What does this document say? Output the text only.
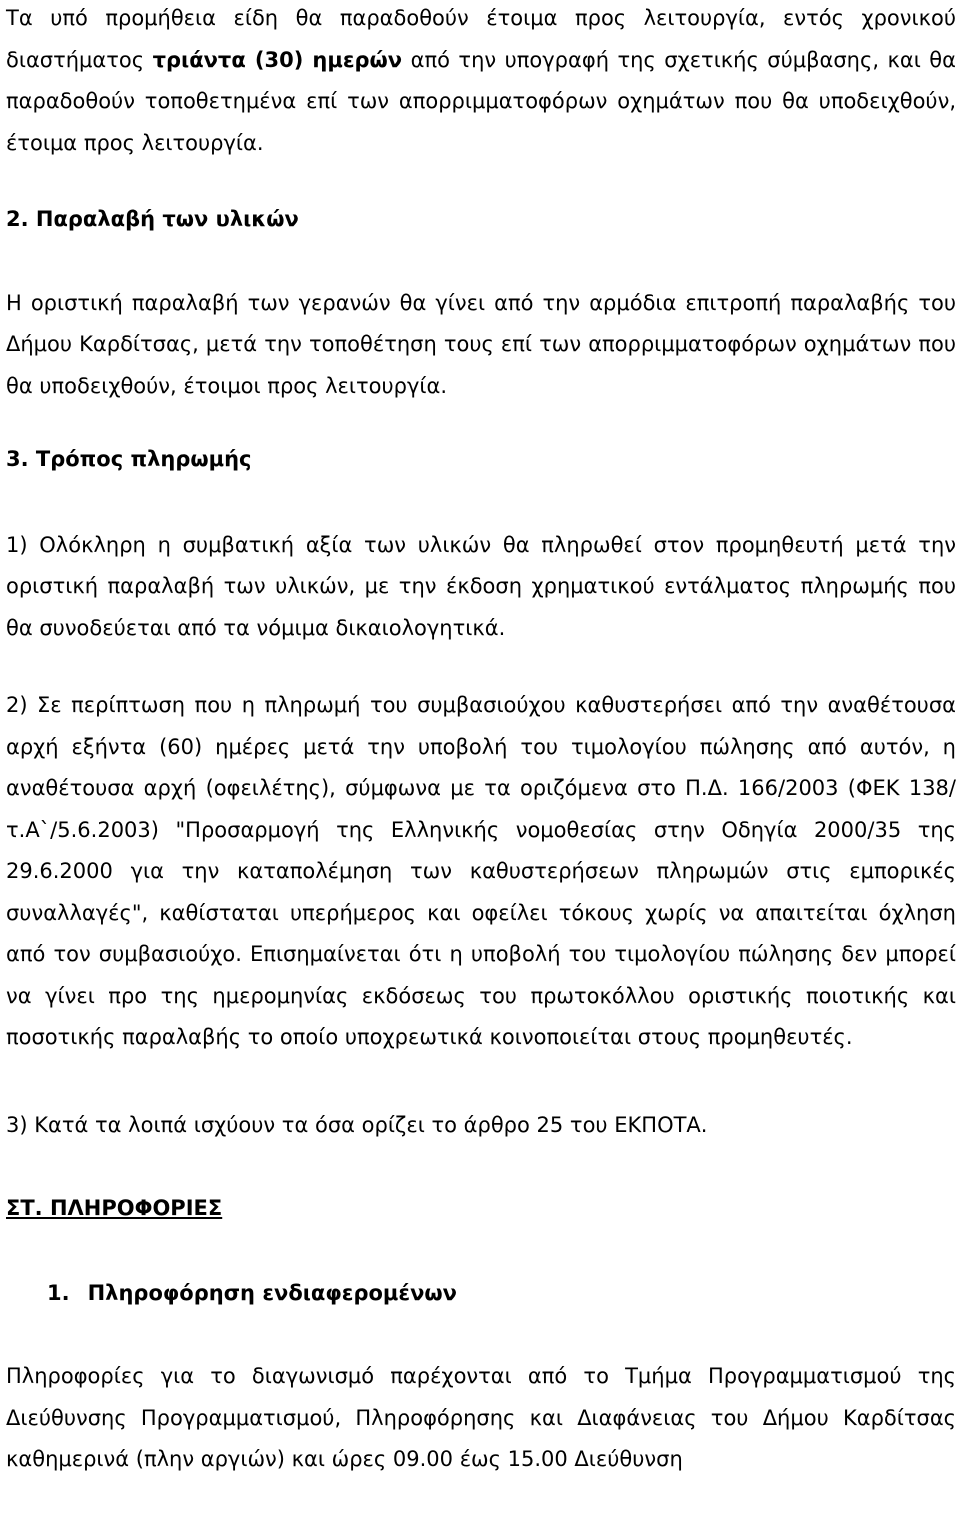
Τα υπό προμήθεια είδη θα παραδοθούν έτοιμα προς λειτουργία, εντός χρονικού διαστήματος τριάντα (30) ημερών από την υπογραφή της σχετικής σύμβασης, και θα παραδοθούν τοποθετημένα επί των απορριμματοφόρων οχημάτων που θα υποδειχθούν, έτοιμα προς λειτουργία.

2. Παραλαβή των υλικών

Η οριστική παραλαβή των γερανών θα γίνει από την αρμόδια επιτροπή παραλαβής του Δήμου Καρδίτσας, μετά την τοποθέτηση τους επί των απορριμματοφόρων οχημάτων που θα υποδειχθούν, έτοιμοι προς λειτουργία.

3. Τρόπος πληρωμής

1) Ολόκληρη η συμβατική αξία των υλικών θα πληρωθεί στον προμηθευτή μετά την οριστική παραλαβή των υλικών, με την έκδοση χρηματικού εντάλματος πληρωμής που θα συνοδεύεται από τα νόμιμα δικαιολογητικά.

2) Σε περίπτωση που η πληρωμή του συμβασιούχου καθυστερήσει από την αναθέτουσα αρχή εξήντα (60) ημέρες μετά την υποβολή του τιμολογίου πώλησης από αυτόν, η αναθέτουσα αρχή (οφειλέτης), σύμφωνα με τα οριζόμενα στο Π.Δ. 166/2003 (ΦΕΚ 138/τ.Α`/5.6.2003) "Προσαρμογή της Ελληνικής νομοθεσίας στην Οδηγία 2000/35 της 29.6.2000 για την καταπολέμηση των καθυστερήσεων πληρωμών στις εμπορικές συναλλαγές", καθίσταται υπερήμερος και οφείλει τόκους χωρίς να απαιτείται όχληση από τον συμβασιούχο. Επισημαίνεται ότι η υποβολή του τιμολογίου πώλησης δεν μπορεί να γίνει προ της ημερομηνίας εκδόσεως του πρωτοκόλλου οριστικής ποιοτικής και ποσοτικής παραλαβής το οποίο υποχρεωτικά κοινοποιείται στους προμηθευτές.

3) Κατά τα λοιπά ισχύουν τα όσα ορίζει το άρθρο 25 του ΕΚΠΟΤΑ.

ΣΤ. ΠΛΗΡΟΦΟΡΙΕΣ

1. Πληροφόρηση ενδιαφερομένων

Πληροφορίες για το διαγωνισμό παρέχονται από το Τμήμα Προγραμματισμού της Διεύθυνσης Προγραμματισμού, Πληροφόρησης και Διαφάνειας του Δήμου Καρδίτσας καθημερινά (πλην αργιών) και ώρες 09.00 έως 15.00 Διεύθυνση
